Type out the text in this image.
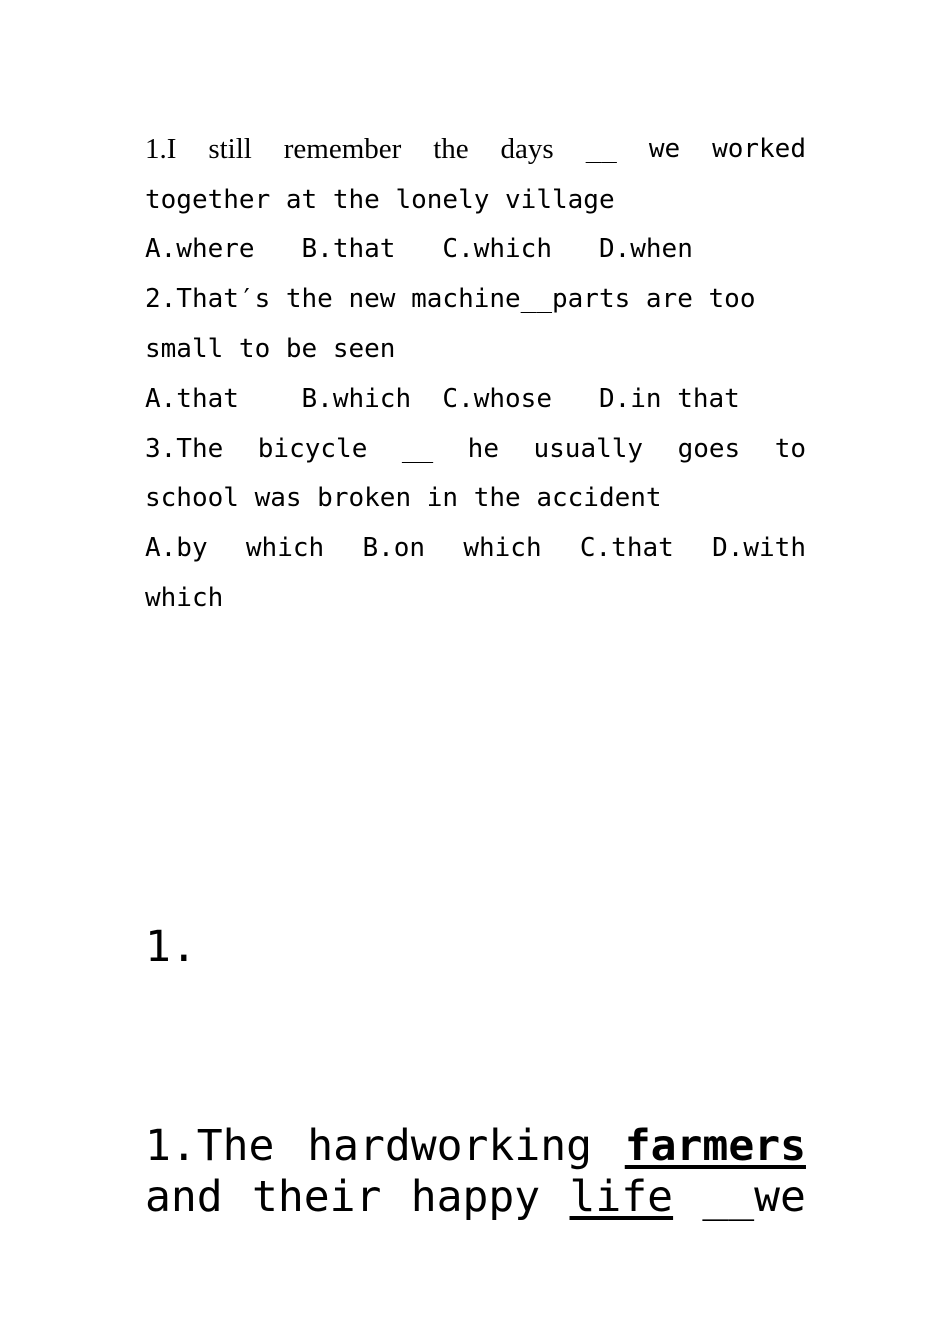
1.I still remember the days __ we worked
together at the lonely village
A.where   B.that   C.which   D.when
2.That′s the new machine__parts are too
small to be seen
A.that    B.which  C.whose   D.in that
3.The bicycle __ he usually goes to
school was broken in the accident
A.by which B.on which C.that D.with
which
1.
1.The hardworking farmers
and their happy life __we
